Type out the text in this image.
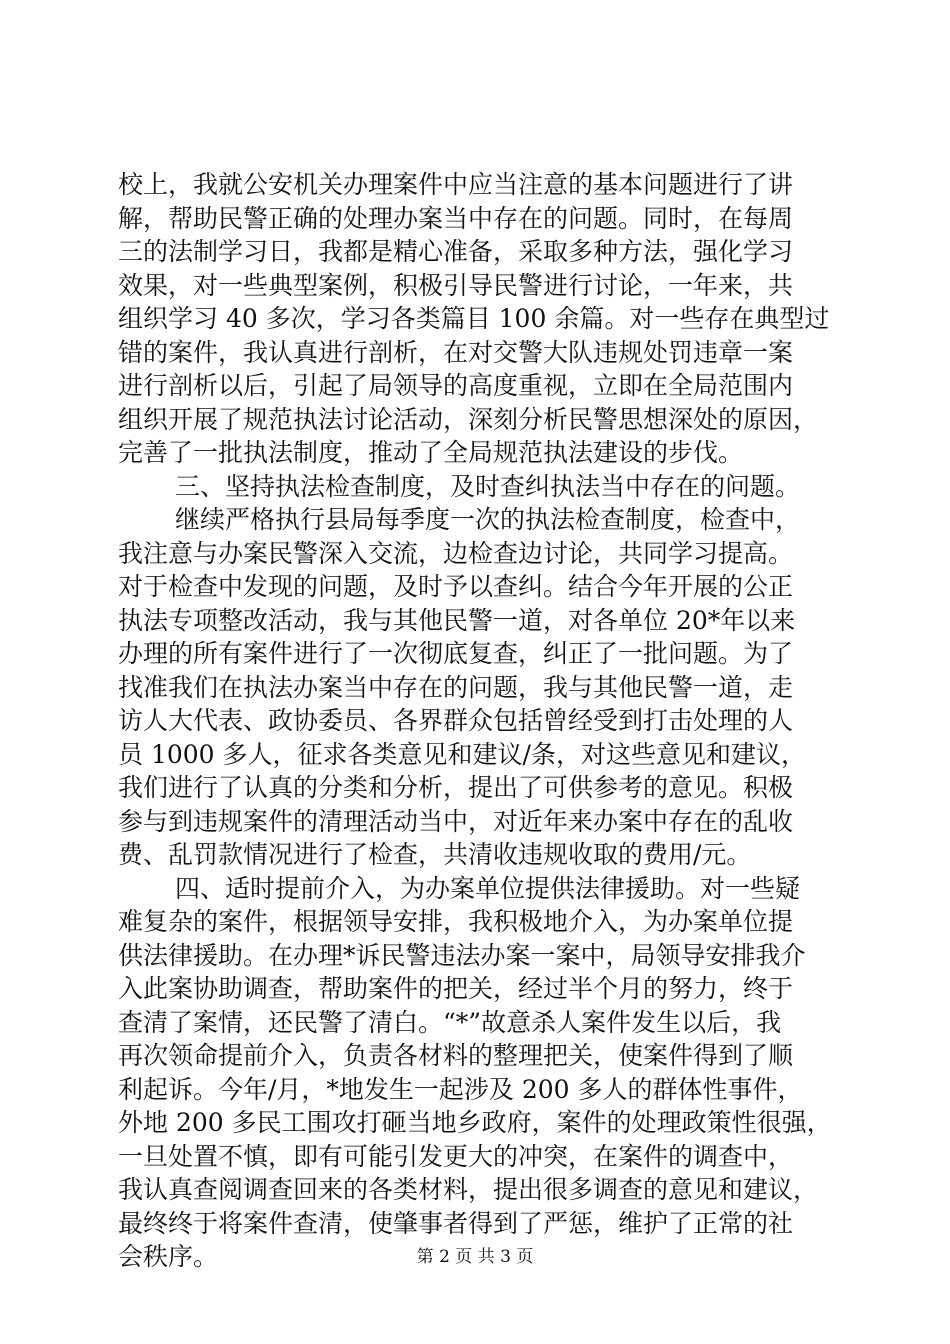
校上，我就公安机关办理案件中应当注意的基本问题进行了讲
解，帮助民警正确的处理办案当中存在的问题。同时，在每周
三的法制学习日，我都是精心准备，采取多种方法，强化学习
效果，对一些典型案例，积极引导民警进行讨论，一年来，共
组织学习 40 多次，学习各类篇目 100 余篇。对一些存在典型过
错的案件，我认真进行剖析，在对交警大队违规处罚违章一案
进行剖析以后，引起了局领导的高度重视，立即在全局范围内
组织开展了规范执法讨论活动，深刻分析民警思想深处的原因，
完善了一批执法制度，推动了全局规范执法建设的步伐。
三、坚持执法检查制度，及时查纠执法当中存在的问题。
继续严格执行县局每季度一次的执法检查制度，检查中，
我注意与办案民警深入交流，边检查边讨论，共同学习提高。
对于检查中发现的问题，及时予以查纠。结合今年开展的公正
执法专项整改活动，我与其他民警一道，对各单位 20*年以来
办理的所有案件进行了一次彻底复查，纠正了一批问题。为了
找准我们在执法办案当中存在的问题，我与其他民警一道，走
访人大代表、政协委员、各界群众包括曾经受到打击处理的人
员 1000 多人，征求各类意见和建议/条，对这些意见和建议，
我们进行了认真的分类和分析，提出了可供参考的意见。积极
参与到违规案件的清理活动当中，对近年来办案中存在的乱收
费、乱罚款情况进行了检查，共清收违规收取的费用/元。
四、适时提前介入，为办案单位提供法律援助。对一些疑
难复杂的案件，根据领导安排，我积极地介入，为办案单位提
供法律援助。在办理*诉民警违法办案一案中，局领导安排我介
入此案协助调查，帮助案件的把关，经过半个月的努力，终于
查清了案情，还民警了清白。“*”故意杀人案件发生以后，我
再次领命提前介入，负责各材料的整理把关，使案件得到了顺
利起诉。今年/月，*地发生一起涉及 200 多人的群体性事件，
外地 200 多民工围攻打砸当地乡政府，案件的处理政策性很强，
一旦处置不慎，即有可能引发更大的冲突，在案件的调查中，
我认真查阅调查回来的各类材料，提出很多调查的意见和建议，
最终终于将案件查清，使肇事者得到了严惩，维护了正常的社
会秩序。	第 2 页 共 3 页
